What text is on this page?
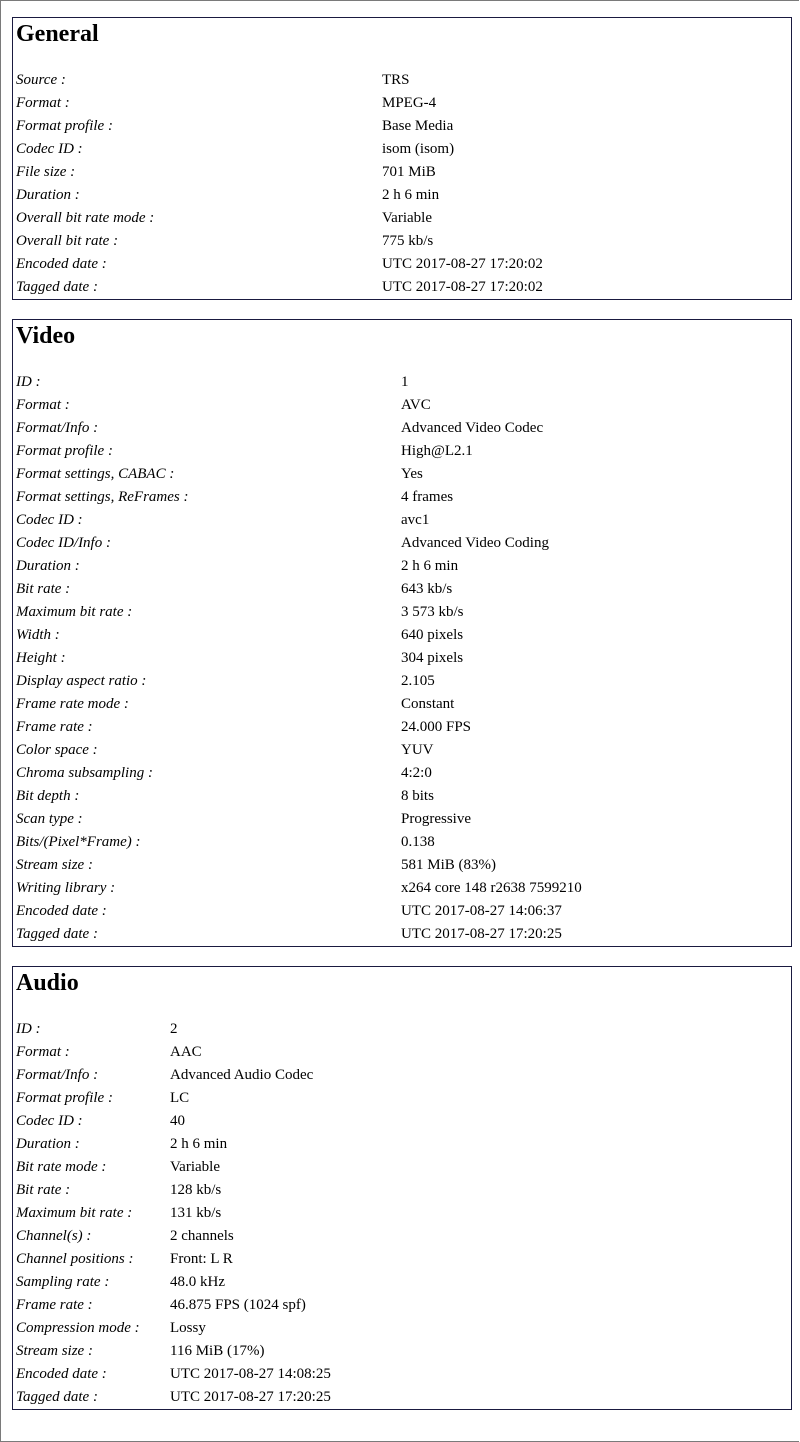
General
Source :	TRS
Format :	MPEG-4
Format profile :	Base Media
Codec ID :	isom (isom)
File size :	701 MiB
Duration :	2 h 6 min
Overall bit rate mode :	Variable
Overall bit rate :	775 kb/s
Encoded date :	UTC 2017-08-27 17:20:02
Tagged date :	UTC 2017-08-27 17:20:02
Video
ID :	1
Format :	AVC
Format/Info :	Advanced Video Codec
Format profile :	High@L2.1
Format settings, CABAC :	Yes
Format settings, ReFrames :	4 frames
Codec ID :	avc1
Codec ID/Info :	Advanced Video Coding
Duration :	2 h 6 min
Bit rate :	643 kb/s
Maximum bit rate :	3 573 kb/s
Width :	640 pixels
Height :	304 pixels
Display aspect ratio :	2.105
Frame rate mode :	Constant
Frame rate :	24.000 FPS
Color space :	YUV
Chroma subsampling :	4:2:0
Bit depth :	8 bits
Scan type :	Progressive
Bits/(Pixel*Frame) :	0.138
Stream size :	581 MiB (83%)
Writing library :	x264 core 148 r2638 7599210
Encoded date :	UTC 2017-08-27 14:06:37
Tagged date :	UTC 2017-08-27 17:20:25
Audio
ID :	2
Format :	AAC
Format/Info :	Advanced Audio Codec
Format profile :	LC
Codec ID :	40
Duration :	2 h 6 min
Bit rate mode :	Variable
Bit rate :	128 kb/s
Maximum bit rate :	131 kb/s
Channel(s) :	2 channels
Channel positions : Front: L R
Sampling rate :	48.0 kHz
Frame rate :	46.875 FPS (1024 spf)
Compression mode : Lossy
Stream size :	116 MiB (17%)
Encoded date :	UTC 2017-08-27 14:08:25
Tagged date :	UTC 2017-08-27 17:20:25
